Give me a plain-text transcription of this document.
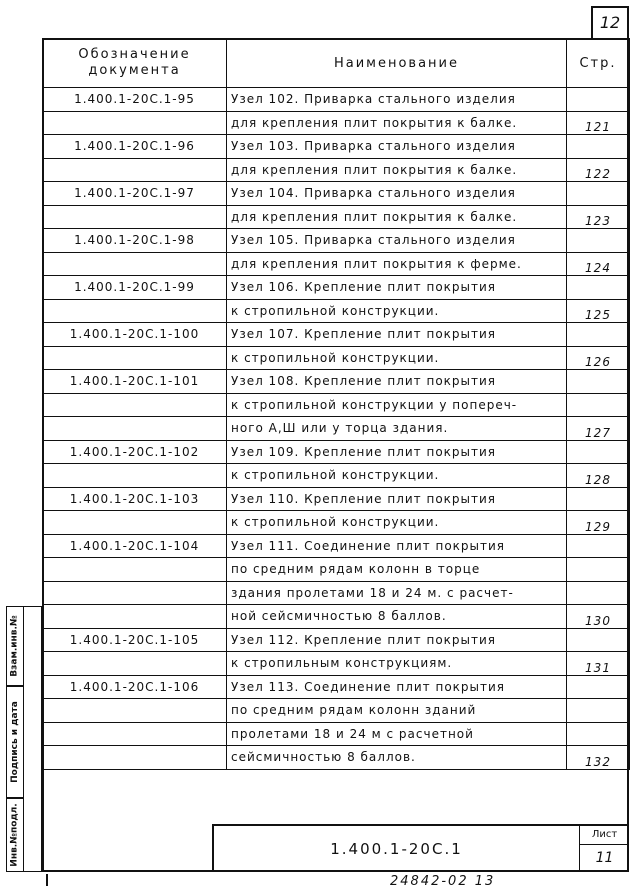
12
Обозначение документа	Наименование	Стр.
1.400.1-20С.1-95	Узел 102. Приварка стального изделия	
	для крепления плит покрытия к балке.	121
1.400.1-20С.1-96	Узел 103. Приварка стального изделия	
	для крепления плит покрытия к балке.	122
1.400.1-20С.1-97	Узел 104. Приварка стального изделия	
	для крепления плит покрытия к балке.	123
1.400.1-20С.1-98	Узел 105. Приварка стального изделия	
	для крепления плит покрытия к ферме.	124
1.400.1-20С.1-99	Узел 106. Крепление плит покрытия	
	к стропильной конструкции.	125
1.400.1-20С.1-100	Узел 107. Крепление плит покрытия	
	к стропильной конструкции.	126
1.400.1-20С.1-101	Узел 108. Крепление плит покрытия	
	к стропильной конструкции у попереч-	
	ного А,Ш или у торца здания.	127
1.400.1-20С.1-102	Узел 109. Крепление плит покрытия	
	к стропильной конструкции.	128
1.400.1-20С.1-103	Узел 110. Крепление плит покрытия	
	к стропильной конструкции.	129
1.400.1-20С.1-104	Узел 111. Соединение плит покрытия	
	по средним рядам колонн в торце	
	здания пролетами 18 и 24 м. с расчет-	
	ной сейсмичностью 8 баллов.	130
1.400.1-20С.1-105	Узел 112. Крепление плит покрытия	
	к стропильным конструкциям.	131
1.400.1-20С.1-106	Узел 113. Соединение плит покрытия	
	по средним рядам колонн зданий	
	пролетами 18 и 24 м с расчетной	
	сейсмичностью 8 баллов.	132
Взам.инв.№
Подпись и дата
Инв.№подл.	1.400.1-20С.1
Лист
11
24842-02 13
